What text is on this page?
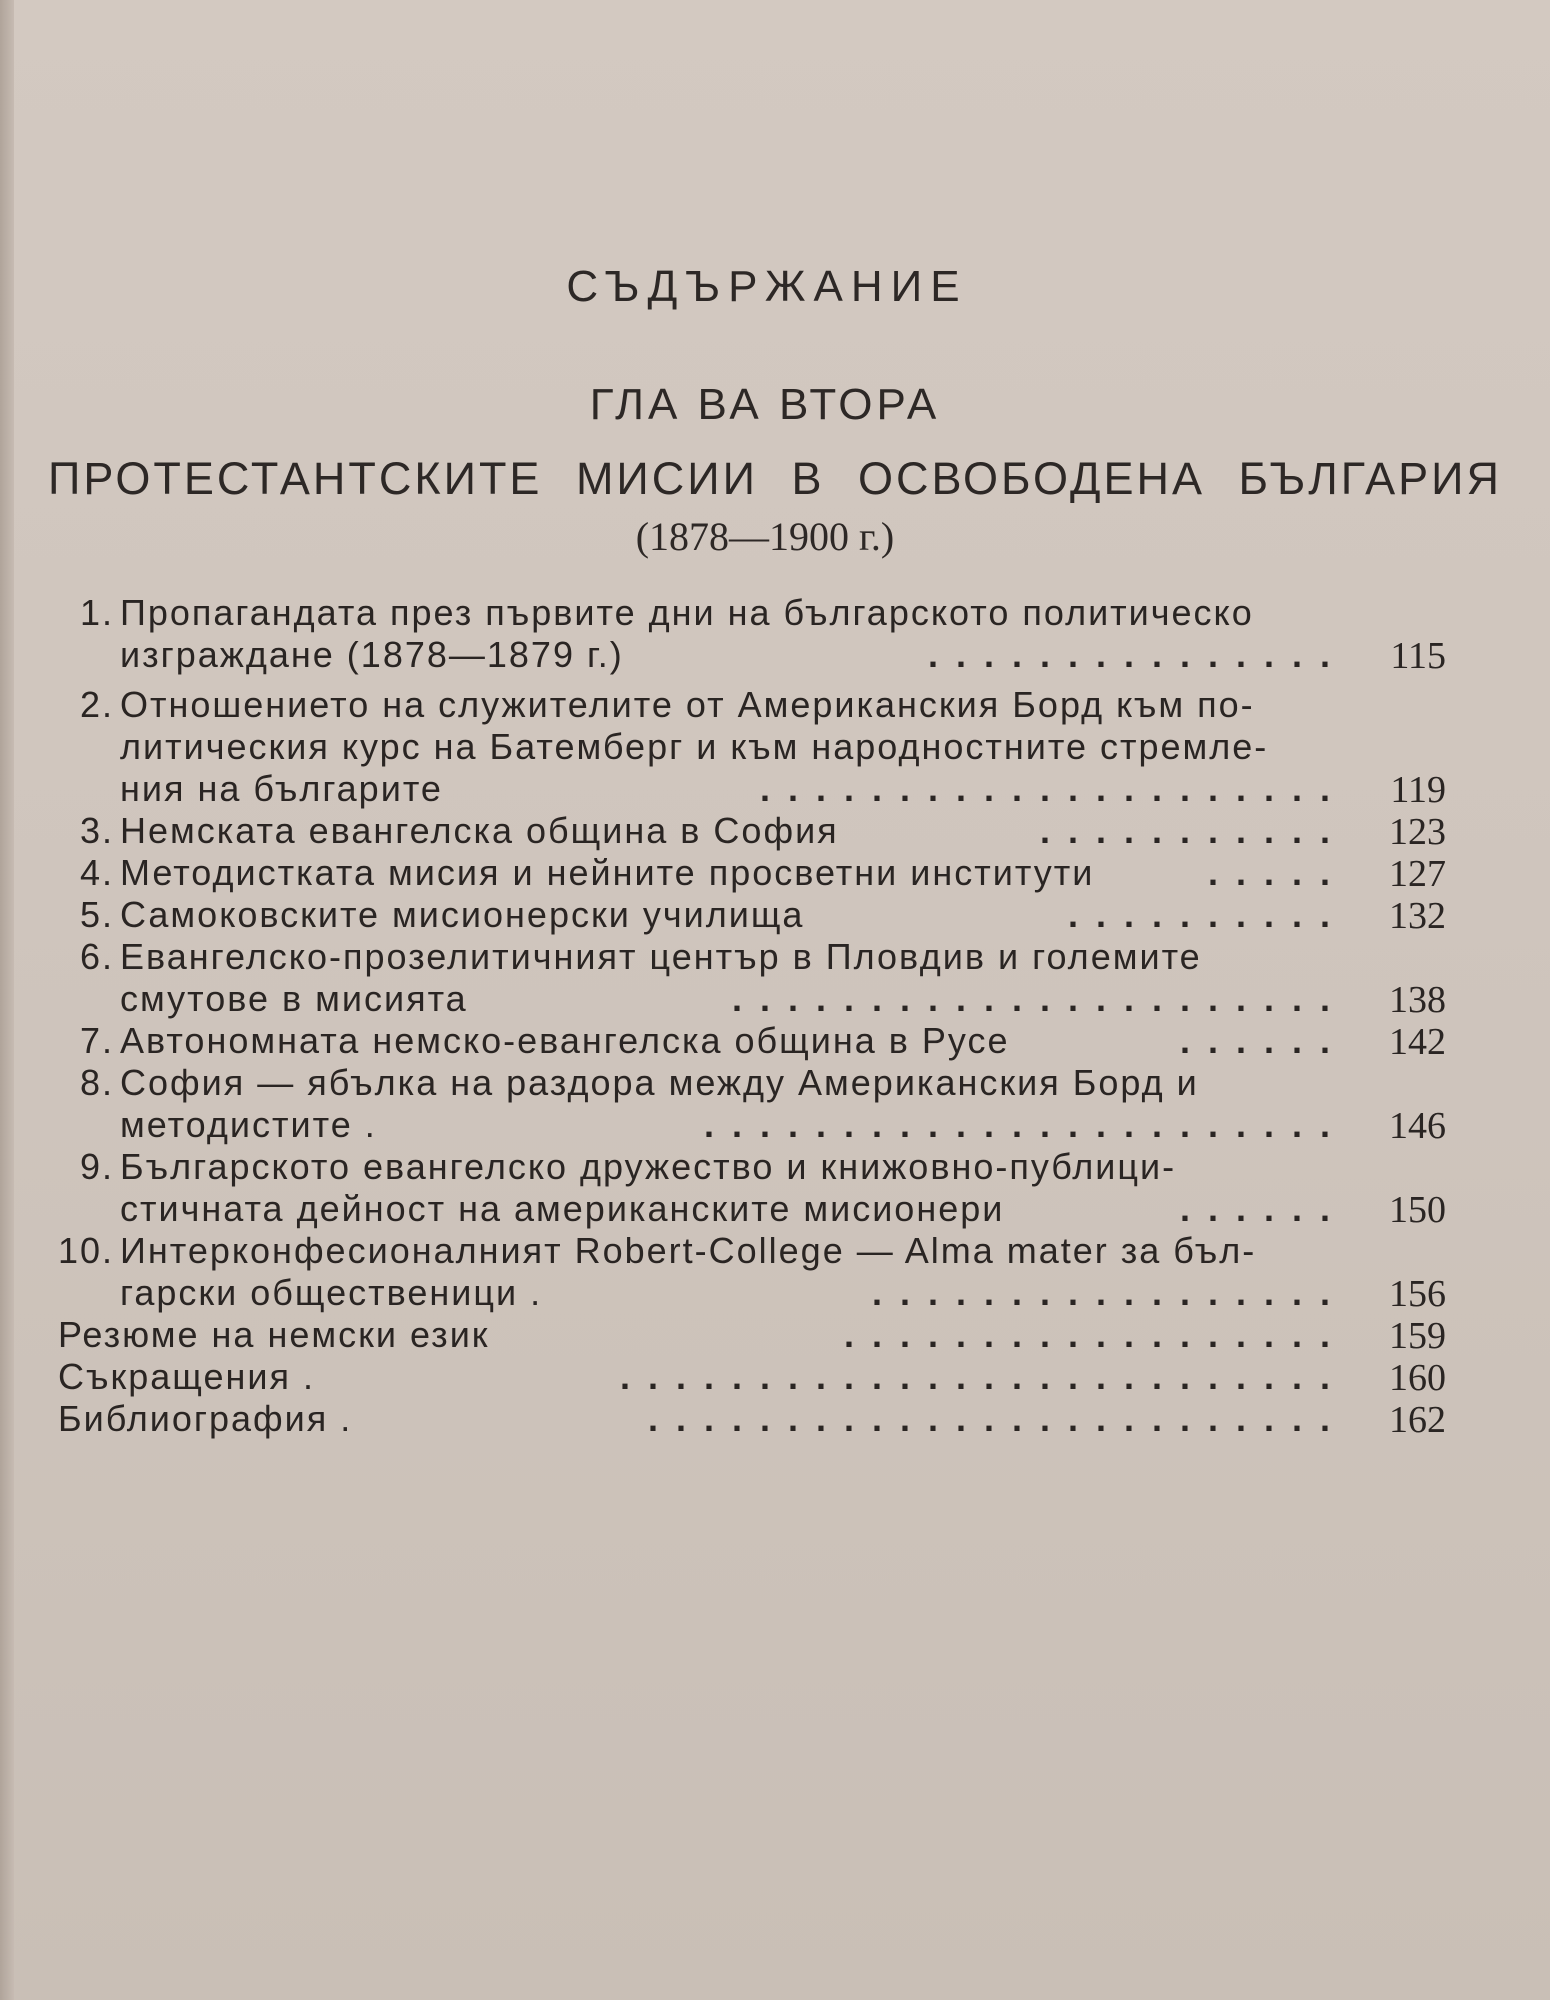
СЪДЪРЖАНИЕ
ГЛА ВА ВТОРА
ПРОТЕСТАНТСКИТЕ МИСИИ В ОСВОБОДЕНА БЪЛГАРИЯ
(1878—1900 г.)
1. Пропагандата през първите дни на българското политическо
изграждане (1878—1879 г.)	...............	115
2. Отношението на служителите от Американския Борд към по-
литическия курс на Батемберг и към народностните стремле-
ния на българите	.....................	119
3. Немската евангелска община в София	...........	123
4. Методистката мисия и нейните просветни институти	.....	127
5. Самоковските мисионерски училища	..........	132
6. Евангелско-прозелитичният център в Пловдив и големите
смутове в мисията	......................	138
7. Автономната немско-евангелска община в Русе	......	142
8. София — ябълка на раздора между Американския Борд и
методистите .	.......................	146
9. Българското евангелско дружество и книжовно-публици-
стичната дейност на американските мисионери	......	150
10. Интерконфесионалният Robert-College — Alma mater за бъл-
гарски общественици .	.................	156
Резюме на немски език	..................	159
Съкращения .	..........................	160
Библиография .	.........................	162
